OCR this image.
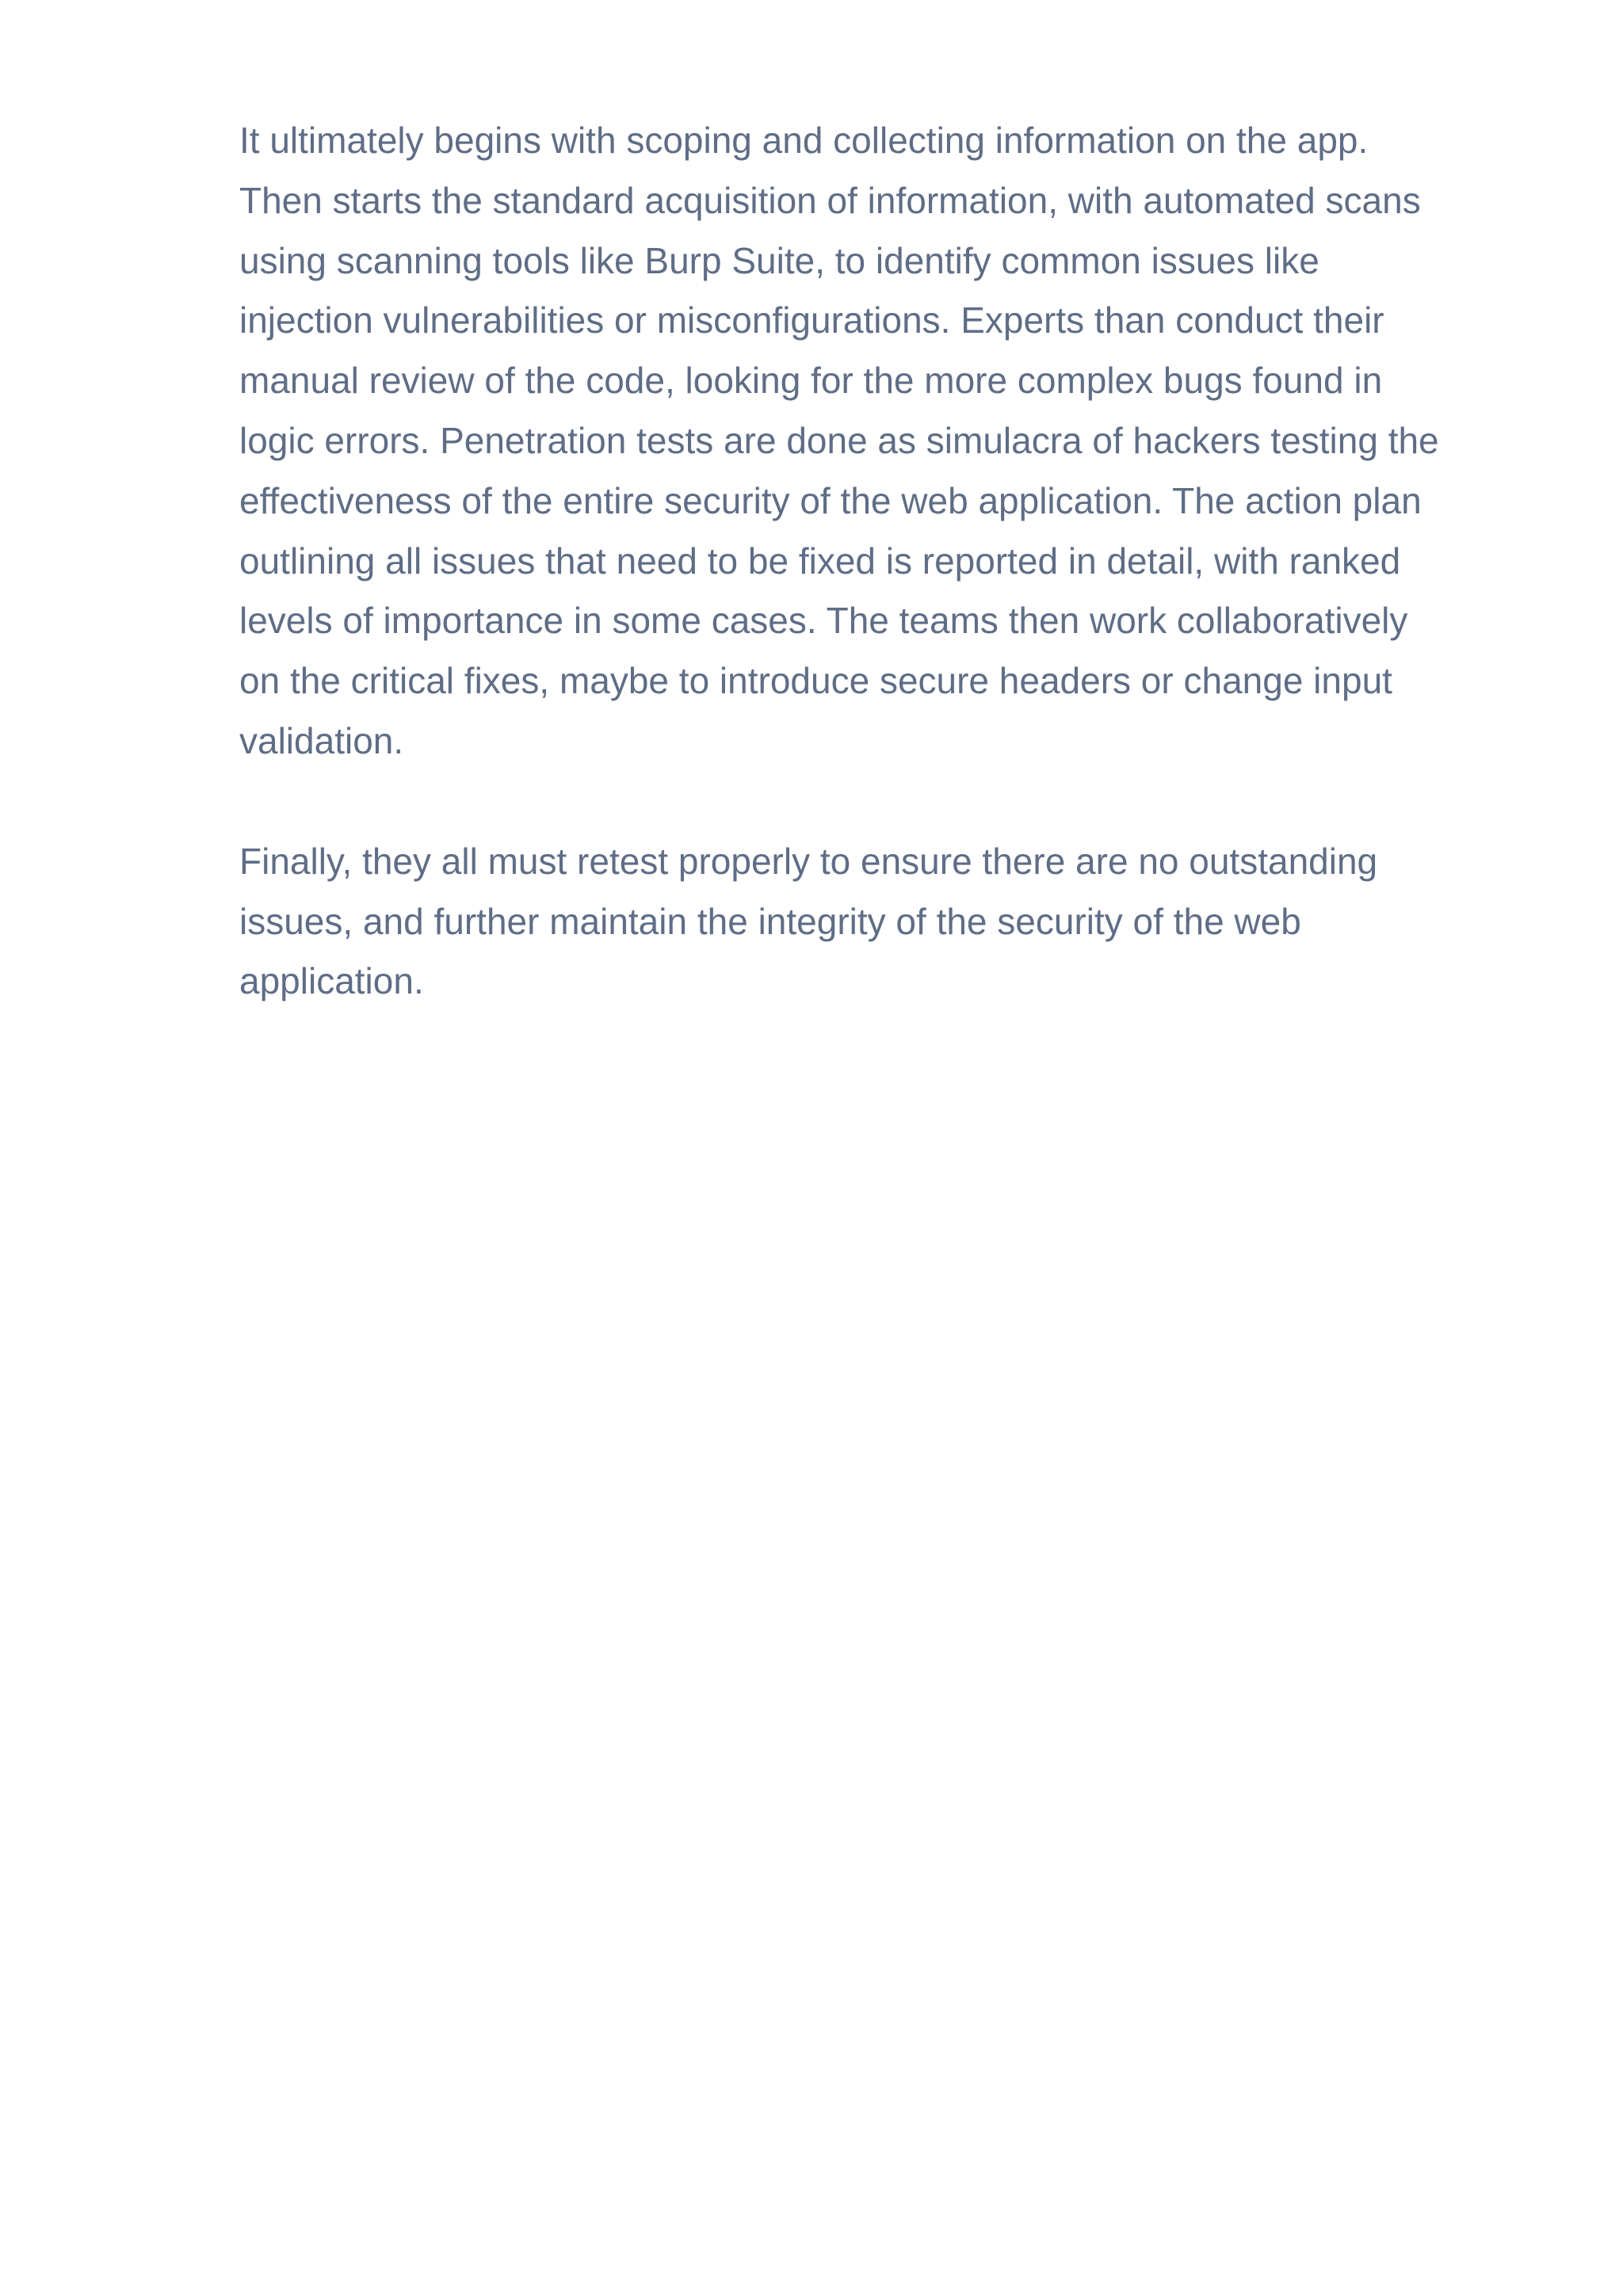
It ultimately begins with scoping and collecting information on the app. Then starts the standard acquisition of information, with automated scans using scanning tools like Burp Suite, to identify common issues like injection vulnerabilities or misconfigurations. Experts than conduct their manual review of the code, looking for the more complex bugs found in logic errors. Penetration tests are done as simulacra of hackers testing the effectiveness of the entire security of the web application. The action plan outlining all issues that need to be fixed is reported in detail, with ranked levels of importance in some cases. The teams then work collaboratively on the critical fixes, maybe to introduce secure headers or change input validation.

Finally, they all must retest properly to ensure there are no outstanding issues, and further maintain the integrity of the security of the web application.
